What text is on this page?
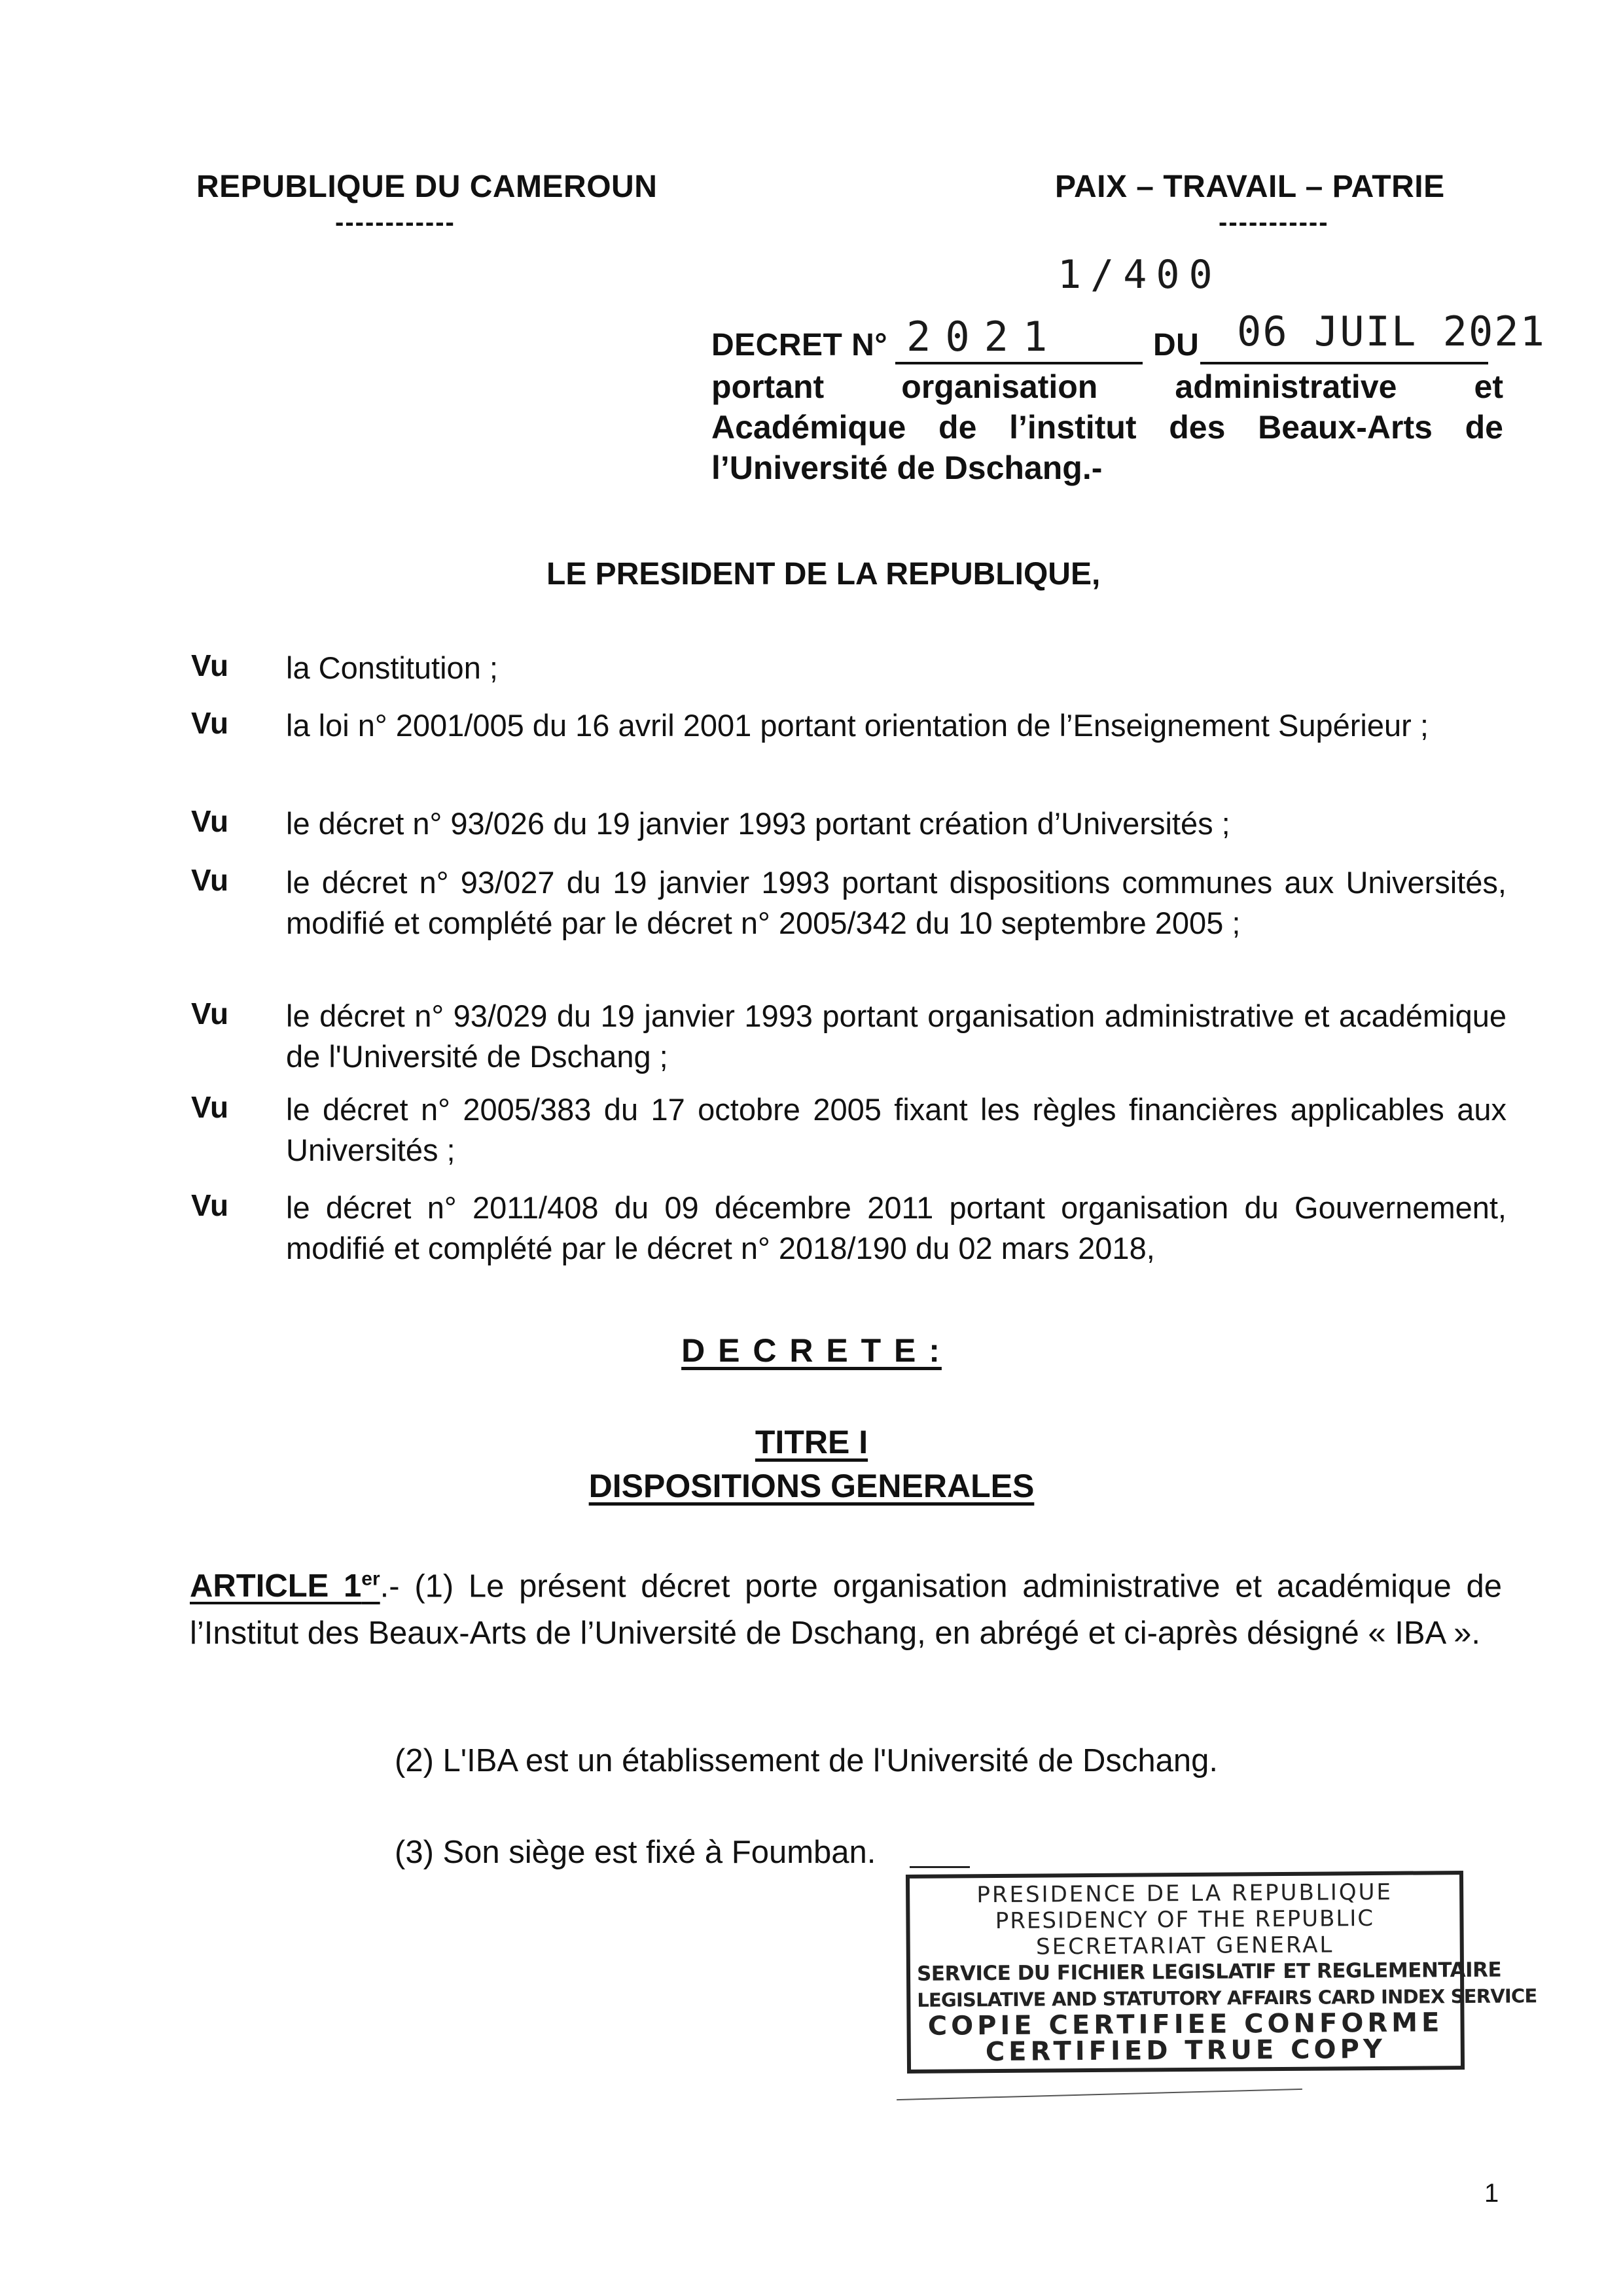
REPUBLIQUE DU CAMEROUN
------------
PAIX – TRAVAIL – PATRIE
-----------
1/400
DECRET N° 2021	DU 06 JUIL 2021
portant organisation administrative et
Académique de l’institut des Beaux-Arts de
l’Université de Dschang.-
LE PRESIDENT DE LA REPUBLIQUE,
Vu	la Constitution ;
Vu	la loi n° 2001/005 du 16 avril 2001 portant orientation de l’Enseignement Supérieur ;
Vu	le décret n° 93/026 du 19 janvier 1993 portant création d’Universités ;
Vu	le décret n° 93/027 du 19 janvier 1993 portant dispositions communes aux Universités, modifié et complété par le décret n° 2005/342 du 10 septembre 2005 ;
Vu	le décret n° 93/029 du 19 janvier 1993 portant organisation administrative et académique de l'Université de Dschang ;
Vu	le décret n° 2005/383 du 17 octobre 2005 fixant les règles financières applicables aux Universités ;
Vu	le décret n° 2011/408 du 09 décembre 2011 portant organisation du Gouvernement, modifié et complété par le décret n° 2018/190 du 02 mars 2018,
D E C R E T E :
TITRE I
DISPOSITIONS GENERALES
ARTICLE 1er.- (1) Le présent décret porte organisation administrative et académique de l’Institut des Beaux-Arts de l’Université de Dschang, en abrégé et ci-après désigné « IBA ».
(2) L'IBA est un établissement de l'Université de Dschang.
(3) Son siège est fixé à Foumban.
PRESIDENCE DE LA REPUBLIQUE
PRESIDENCY OF THE REPUBLIC
SECRETARIAT GENERAL
SERVICE DU FICHIER LEGISLATIF ET REGLEMENTAIRE
LEGISLATIVE AND STATUTORY AFFAIRS CARD INDEX SERVICE
COPIE CERTIFIEE CONFORME
CERTIFIED TRUE COPY
1
